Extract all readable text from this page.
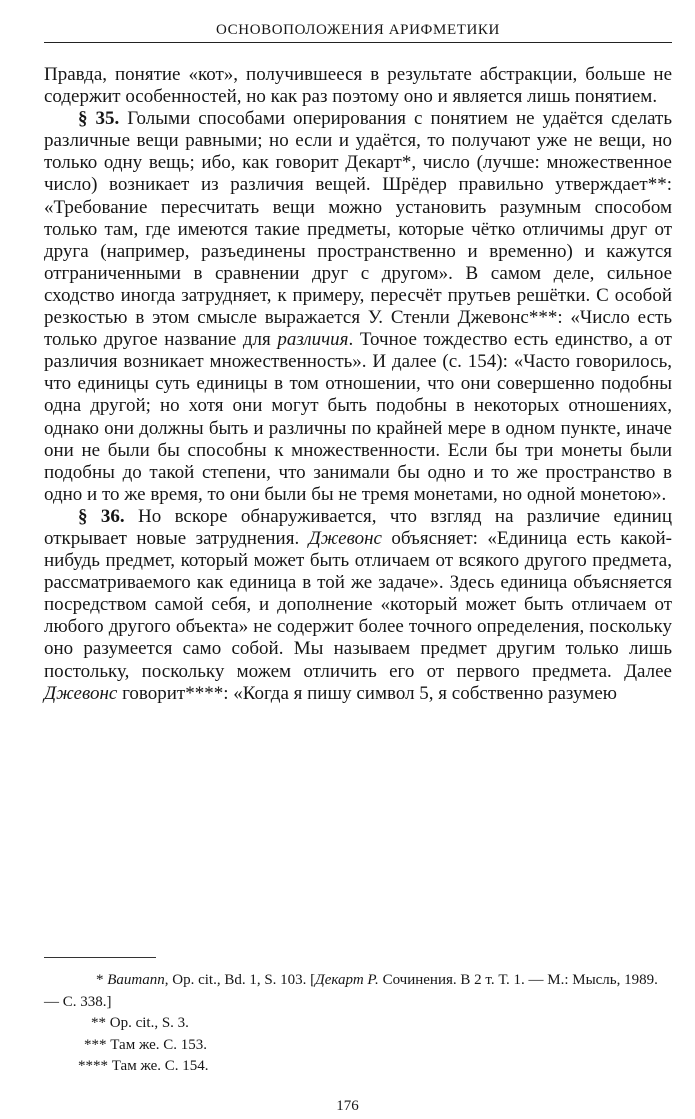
ОСНОВОПОЛОЖЕНИЯ АРИФМЕТИКИ

Правда, понятие «кот», получившееся в результате абстракции, больше не содержит особенностей, но как раз поэтому оно и является лишь понятием.

§ 35. Голыми способами оперирования с понятием не удаётся сделать различные вещи равными; но если и удаётся, то получают уже не вещи, но только одну вещь; ибо, как говорит Декарт*, число (лучше: множественное число) возникает из различия вещей. Шрёдер правильно утверждает**: «Требование пересчитать вещи можно установить разумным способом только там, где имеются такие предметы, которые чётко отличимы друг от друга (например, разъединены пространственно и временно) и кажутся отграниченными в сравнении друг с другом». В самом деле, сильное сходство иногда затрудняет, к примеру, пересчёт прутьев решётки. С особой резкостью в этом смысле выражается У. Стенли Джевонс***: «Число есть только другое название для различия. Точное тождество есть единство, а от различия возникает множественность». И далее (с. 154): «Часто говорилось, что единицы суть единицы в том отношении, что они совершенно подобны одна другой; но хотя они могут быть подобны в некоторых отношениях, однако они должны быть и различны по крайней мере в одном пункте, иначе они не были бы способны к множественности. Если бы три монеты были подобны до такой степени, что занимали бы одно и то же пространство в одно и то же время, то они были бы не тремя монетами, но одной монетою».

§ 36. Но вскоре обнаруживается, что взгляд на различие единиц открывает новые затруднения. Джевонс объясняет: «Единица есть какой-нибудь предмет, который может быть отличаем от всякого другого предмета, рассматриваемого как единица в той же задаче». Здесь единица объясняется посредством самой себя, и дополнение «который может быть отличаем от любого другого объекта» не содержит более точного определения, поскольку оно разумеется само собой. Мы называем предмет другим только лишь постольку, поскольку можем отличить его от первого предмета. Далее Джевонс говорит****: «Когда я пишу символ 5, я собственно разумею

* Baumann, Op. cit., Bd. 1, S. 103. [Декарт Р. Сочинения. В 2 т. Т. 1. — М.: Мысль, 1989. — С. 338.]

** Op. cit., S. 3.

*** Там же. С. 153.

**** Там же. С. 154.

176
